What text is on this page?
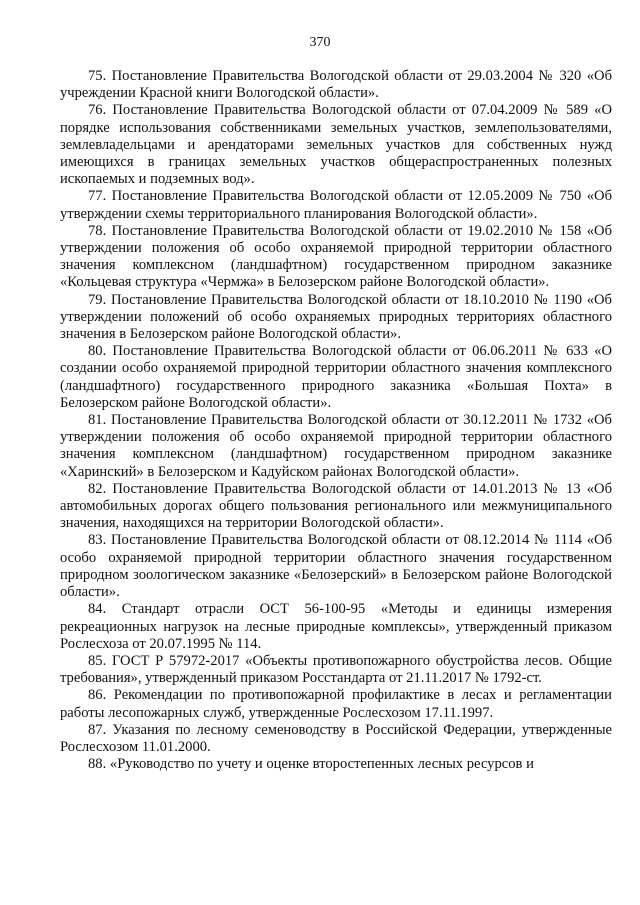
370

75. Постановление Правительства Вологодской области от 29.03.2004 № 320 «Об учреждении Красной книги Вологодской области».

76. Постановление Правительства Вологодской области от 07.04.2009 № 589 «О порядке использования собственниками земельных участков, землепользователями, землевладельцами и арендаторами земельных участков для собственных нужд имеющихся в границах земельных участков общераспространенных полезных ископаемых и подземных вод».

77. Постановление Правительства Вологодской области от 12.05.2009 № 750 «Об утверждении схемы территориального планирования Вологодской области».

78. Постановление Правительства Вологодской области от 19.02.2010 № 158 «Об утверждении положения об особо охраняемой природной территории областного значения комплексном (ландшафтном) государственном природном заказнике «Кольцевая структура «Чермжа» в Белозерском районе Вологодской области».

79. Постановление Правительства Вологодской области от 18.10.2010 № 1190 «Об утверждении положений об особо охраняемых природных территориях областного значения в Белозерском районе Вологодской области».

80. Постановление Правительства Вологодской области от 06.06.2011 № 633 «О создании особо охраняемой природной территории областного значения комплексного (ландшафтного) государственного природного заказника «Большая Похта» в Белозерском районе Вологодской области».

81. Постановление Правительства Вологодской области от 30.12.2011 № 1732 «Об утверждении положения об особо охраняемой природной территории областного значения комплексном (ландшафтном) государственном природном заказнике «Харинский» в Белозерском и Кадуйском районах Вологодской области».

82. Постановление Правительства Вологодской области от 14.01.2013 № 13 «Об автомобильных дорогах общего пользования регионального или межмуниципального значения, находящихся на территории Вологодской области».

83. Постановление Правительства Вологодской области от 08.12.2014 № 1114 «Об особо охраняемой природной территории областного значения государственном природном зоологическом заказнике «Белозерский» в Белозерском районе Вологодской области».

84. Стандарт отрасли ОСТ 56-100-95 «Методы и единицы измерения рекреационных нагрузок на лесные природные комплексы», утвержденный приказом Рослесхоза от 20.07.1995 № 114.

85. ГОСТ Р 57972-2017 «Объекты противопожарного обустройства лесов. Общие требования», утвержденный приказом Росстандарта от 21.11.2017 № 1792-ст.

86. Рекомендации по противопожарной профилактике в лесах и регламентации работы лесопожарных служб, утвержденные Рослесхозом 17.11.1997.

87. Указания по лесному семеноводству в Российской Федерации, утвержденные Рослесхозом 11.01.2000.

88. «Руководство по учету и оценке второстепенных лесных ресурсов и
